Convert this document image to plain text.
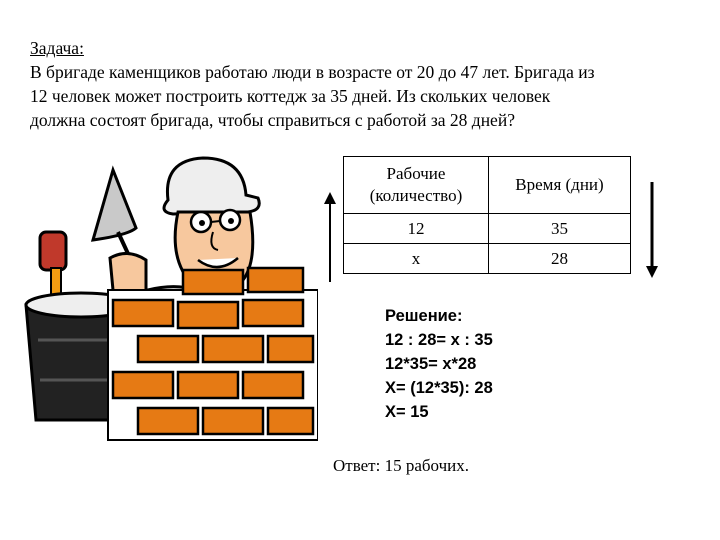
Задача:
В бригаде каменщиков работаю люди в возрасте от 20 до 47 лет. Бригада из
12 человек может построить коттедж за 35 дней. Из скольких человек
должна состоят бригада, чтобы справиться с работой за 28 дней?
Рабочие
(количество)	Время (дни)
12	35
x	28
Решение:
12 : 28= x : 35
12*35= x*28
X= (12*35): 28
X= 15
Ответ: 15 рабочих.
